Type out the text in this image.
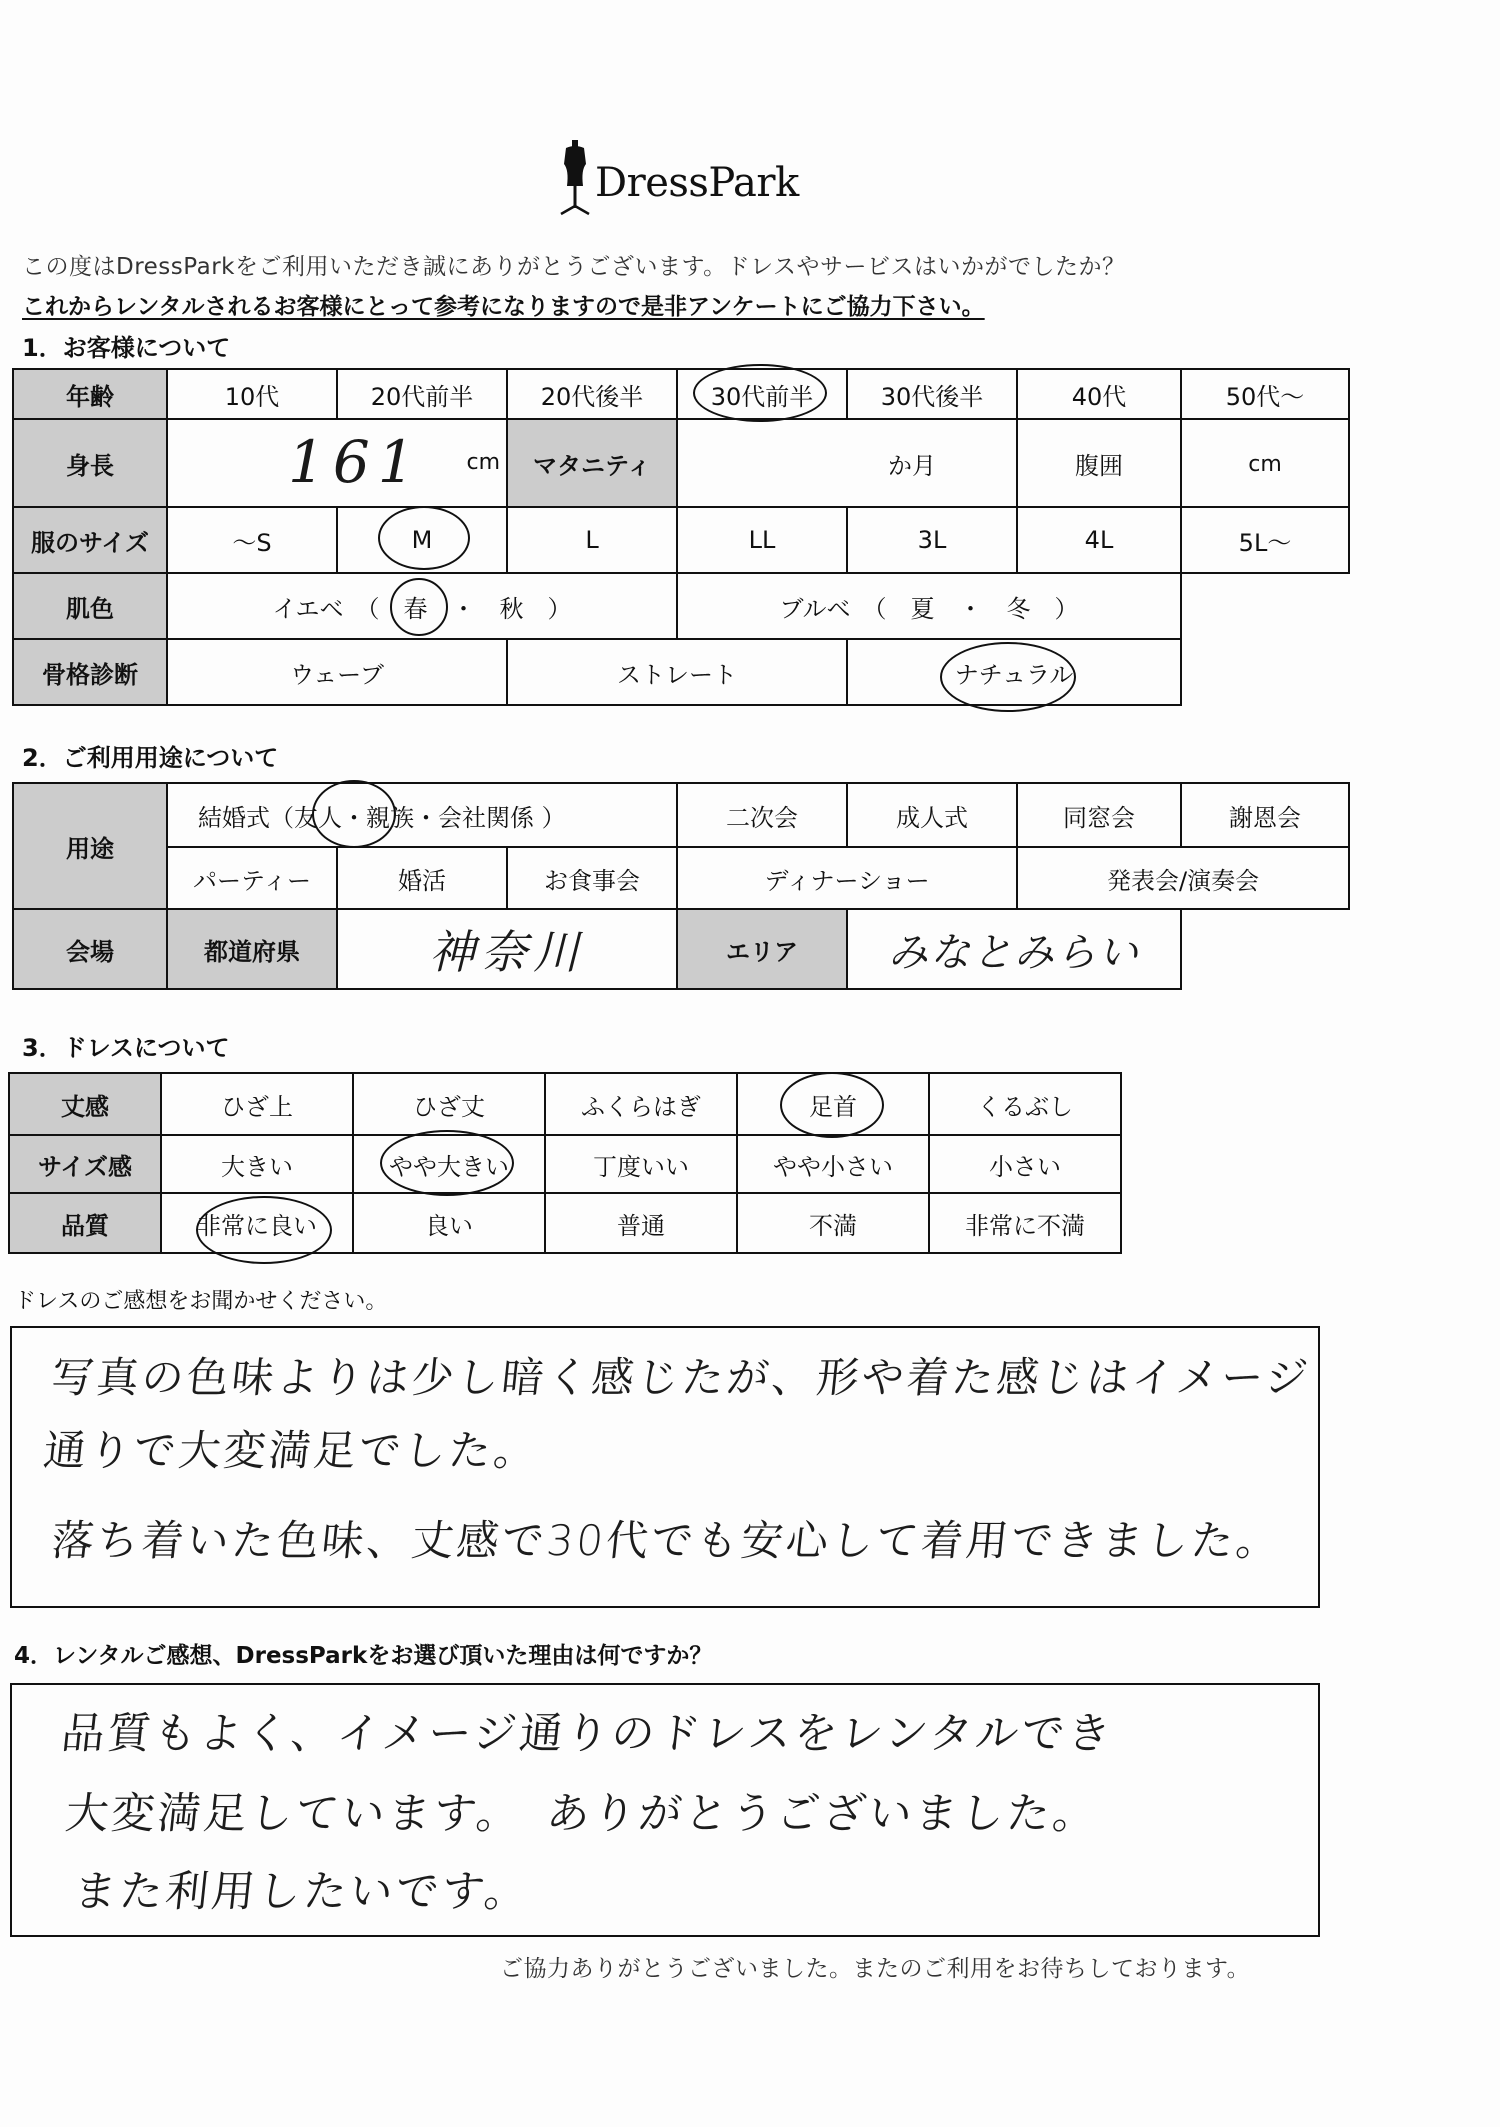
DressPark
この度はDressParkをご利用いただき誠にありがとうございます。ドレスやサービスはいかがでしたか？
これからレンタルされるお客様にとって参考になりますので是非アンケートにご協力下さい。
1．お客様について
年齢	10代	20代前半	20代後半	30代前半	30代後半	40代	50代〜
身長	161 cm		マタニティ	か月		腹囲	cm
服のサイズ	〜S	M	L	LL	3L	4L	5L〜
肌色	イエベ　（　春　・　秋　）			ブルベ　（　夏　・　冬　）			
骨格診断	ウェーブ		ストレート		ナチュラル		
2．ご利用用途について
用途	結婚式（友人・親族・会社関係 ）			二次会	成人式	同窓会	謝恩会
	パーティー	婚活	お食事会	ディナーショー		発表会/演奏会	
会場	都道府県	神奈川		エリア	みなとみらい		
3．ドレスについて
丈感	ひざ上	ひざ丈	ふくらはぎ	足首	くるぶし
サイズ感	大きい	やや大きい	丁度いい	やや小さい	小さい
品質	非常に良い	良い	普通	不満	非常に不満
ドレスのご感想をお聞かせください。
写真の色味よりは少し暗く感じたが、形や着た感じはイメージ
通りで大変満足でした。
落ち着いた色味、丈感で30代でも安心して着用できました。
4．レンタルご感想、DressParkをお選び頂いた理由は何ですか？
品質もよく、イメージ通りのドレスをレンタルでき
大変満足しています。　ありがとうございました。
また利用したいです。
ご協力ありがとうございました。またのご利用をお待ちしております。
